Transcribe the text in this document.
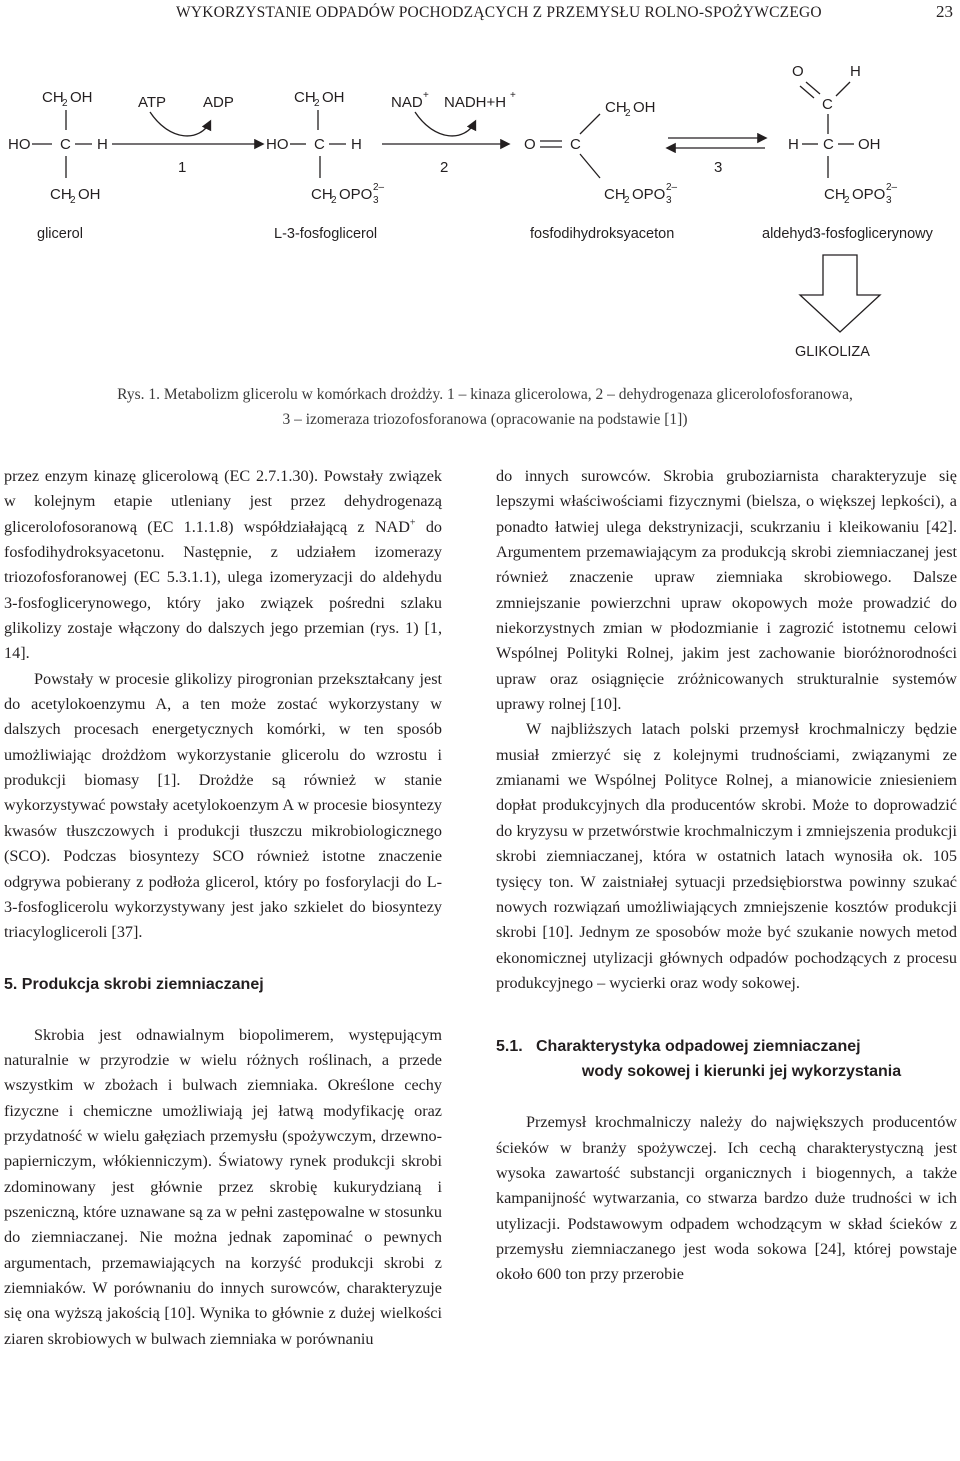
WYKORZYSTANIE ODPADÓW POCHODZĄCYCH Z PRZEMYSŁU ROLNO-SPOŻYWCZEGO	23
CH
2 OH
HO C H
CH
2 OH
glicerol
ATP ADP
1
CH
2 OH
HO C H
CH
2 OPO 3
2–
L-3-fosfoglicerol
NAD + NADH+H +
2
CH
2 OH
O C
CH
2 OPO 3
2–
fosfodihydroksyaceton
3
O	H
C
H C OH
CH
2 OPO 3
2–
aldehyd3-fosfoglicerynowy
GLIKOLIZA
Rys. 1. Metabolizm glicerolu w komórkach drożdży. 1 – kinaza glicerolowa, 2 – dehydrogenaza glicerolofosforanowa,
3 – izomeraza triozofosforanowa (opracowanie na podstawie [1])

przez enzym kinazę glicerolową (EC 2.7.1.30). Powstały związek w kolejnym etapie utleniany jest przez dehydrogenazą glicerolofosoranową (EC 1.1.1.8) współdziałającą z NAD+ do fosfodihydroksyacetonu. Następnie, z udziałem izomerazy triozofosforanowej (EC 5.3.1.1), ulega izomeryzacji do aldehydu 3-fosfoglicerynowego, który jako związek pośredni szlaku glikolizy zostaje włączony do dalszych jego przemian (rys. 1) [1, 14].

Powstały w procesie glikolizy pirogronian przekształcany jest do acetylokoenzymu A, a ten może zostać wykorzystany w dalszych procesach energetycznych komórki, w ten sposób umożliwiając drożdżom wykorzystanie glicerolu do wzrostu i produkcji biomasy [1]. Drożdże są również w stanie wykorzystywać powstały acetylokoenzym A w procesie biosyntezy kwasów tłuszczowych i produkcji tłuszczu mikrobiologicznego (SCO). Podczas biosyntezy SCO również istotne znaczenie odgrywa pobierany z podłoża glicerol, który po fosforylacji do L-3-fosfoglicerolu wykorzystywany jest jako szkielet do biosyntezy triacylogliceroli [37].

5. Produkcja skrobi ziemniaczanej

Skrobia jest odnawialnym biopolimerem, występującym naturalnie w przyrodzie w wielu różnych roślinach, a przede wszystkim w zbożach i bulwach ziemniaka. Określone cechy fizyczne i chemiczne umożliwiają jej łatwą modyfikację oraz przydatność w wielu gałęziach przemysłu (spożywczym, drzewno-papierniczym, włókienniczym). Światowy rynek produkcji skrobi zdominowany jest głównie przez skrobię kukurydzianą i pszeniczną, które uznawane są za w pełni zastępowalne w stosunku do ziemniaczanej. Nie można jednak zapominać o pewnych argumentach, przemawiających na korzyść produkcji skrobi z ziemniaków. W porównaniu do innych surowców, charakteryzuje się ona wyższą jakością [10]. Wynika to głównie z dużej wielkości ziaren skrobiowych w bulwach ziemniaka w porównaniu

do innych surowców. Skrobia gruboziarnista charakteryzuje się lepszymi właściwościami fizycznymi (bielsza, o większej lepkości), a ponadto łatwiej ulega dekstrynizacji, scukrzaniu i kleikowaniu [42]. Argumentem przemawiającym za produkcją skrobi ziemniaczanej jest również znaczenie upraw ziemniaka skrobiowego. Dalsze zmniejszanie powierzchni upraw okopowych może prowadzić do niekorzystnych zmian w płodozmianie i zagrozić istotnemu celowi Wspólnej Polityki Rolnej, jakim jest zachowanie bioróżnorodności upraw oraz osiągnięcie zróżnicowanych strukturalnie systemów uprawy rolnej [10].

W najbliższych latach polski przemysł krochmalniczy będzie musiał zmierzyć się z kolejnymi trudnościami, związanymi ze zmianami we Wspólnej Polityce Rolnej, a mianowicie zniesieniem dopłat produkcyjnych dla producentów skrobi. Może to doprowadzić do kryzysu w przetwórstwie krochmalniczym i zmniejszenia produkcji skrobi ziemniaczanej, która w ostatnich latach wynosiła ok. 105 tysięcy ton. W zaistniałej sytuacji przedsiębiorstwa powinny szukać nowych rozwiązań umożliwiających zmniejszenie kosztów produkcji skrobi [10]. Jednym ze sposobów może być szukanie nowych metod ekonomicznej utylizacji głównych odpadów pochodzących z procesu produkcyjnego – wycierki oraz wody sokowej.

5.1. Charakterystyka odpadowej ziemniaczanej
wody sokowej i kierunki jej wykorzystania

Przemysł krochmalniczy należy do największych producentów ścieków w branży spożywczej. Ich cechą charakterystyczną jest wysoka zawartość substancji organicznych i biogennych, a także kampanijność wytwarzania, co stwarza bardzo duże trudności w ich utylizacji. Podstawowym odpadem wchodzącym w skład ścieków z przemysłu ziemniaczanego jest woda sokowa [24], której powstaje około 600 ton przy przerobie
